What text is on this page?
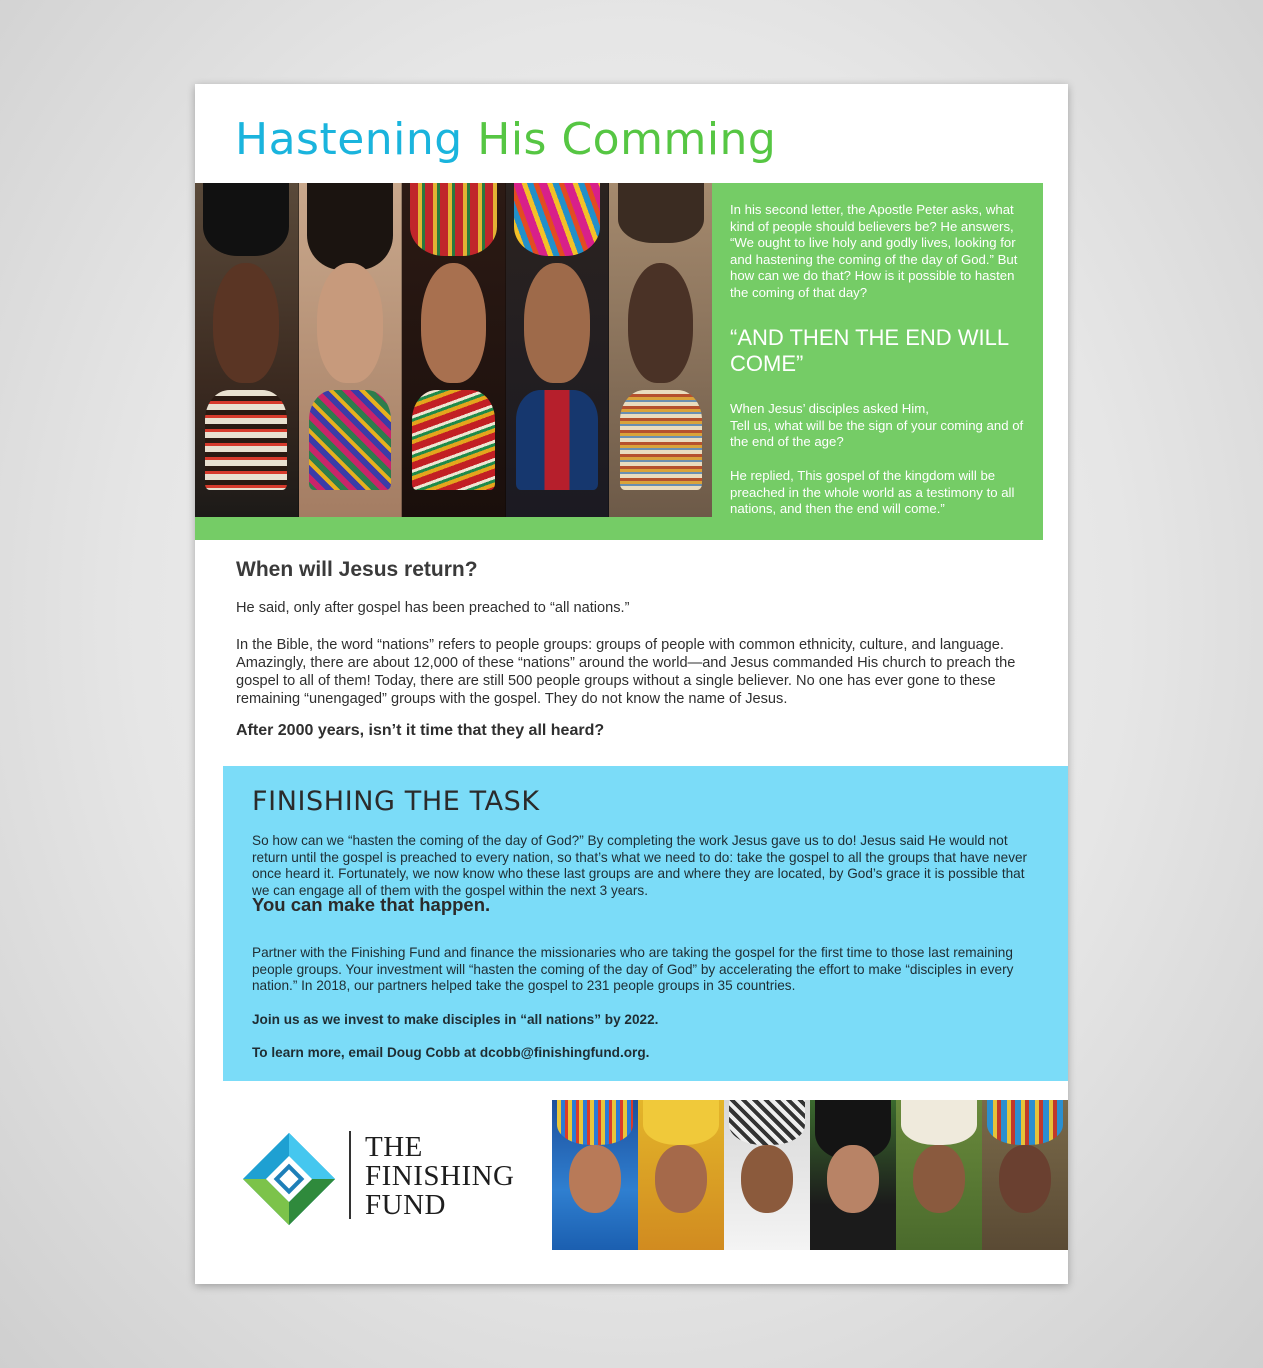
Hastening His Comming

In his second letter, the Apostle Peter asks, what kind of people should believers be? He answers, “We ought to live holy and godly lives, looking for and hastening the coming of the day of God.” But how can we do that? How is it possible to hasten the coming of that day?

“AND THEN THE END WILL COME”

When Jesus’ disciples asked Him,
Tell us, what will be the sign of your coming and of the end of the age?

He replied, This gospel of the kingdom will be preached in the whole world as a testimony to all nations, and then the end will come.”

When will Jesus return?

He said, only after gospel has been preached to “all nations.”

In the Bible, the word “nations” refers to people groups: groups of people with common ethnicity, culture, and language. Amazingly, there are about 12,000 of these “nations” around the world—and Jesus commanded His church to preach the gospel to all of them! Today, there are still 500 people groups without a single believer. No one has ever gone to these remaining “unengaged” groups with the gospel. They do not know the name of Jesus.

After 2000 years, isn’t it time that they all heard?

FINISHING THE TASK

So how can we “hasten the coming of the day of God?” By completing the work Jesus gave us to do! Jesus said He would not return until the gospel is preached to every nation, so that’s what we need to do: take the gospel to all the groups that have never once heard it. Fortunately, we now know who these last groups are and where they are located, by God’s grace it is possible that we can engage all of them with the gospel within the next 3 years.

You can make that happen.

Partner with the Finishing Fund and finance the missionaries who are taking the gospel for the first time to those last remaining people groups. Your investment will “hasten the coming of the day of God” by accelerating the effort to make “disciples in every nation.” In 2018, our partners helped take the gospel to 231 people groups in 35 countries.

Join us as we invest to make disciples in “all nations” by 2022.

To learn more, email Doug Cobb at dcobb@finishingfund.org.

THE
FINISHING
FUND
